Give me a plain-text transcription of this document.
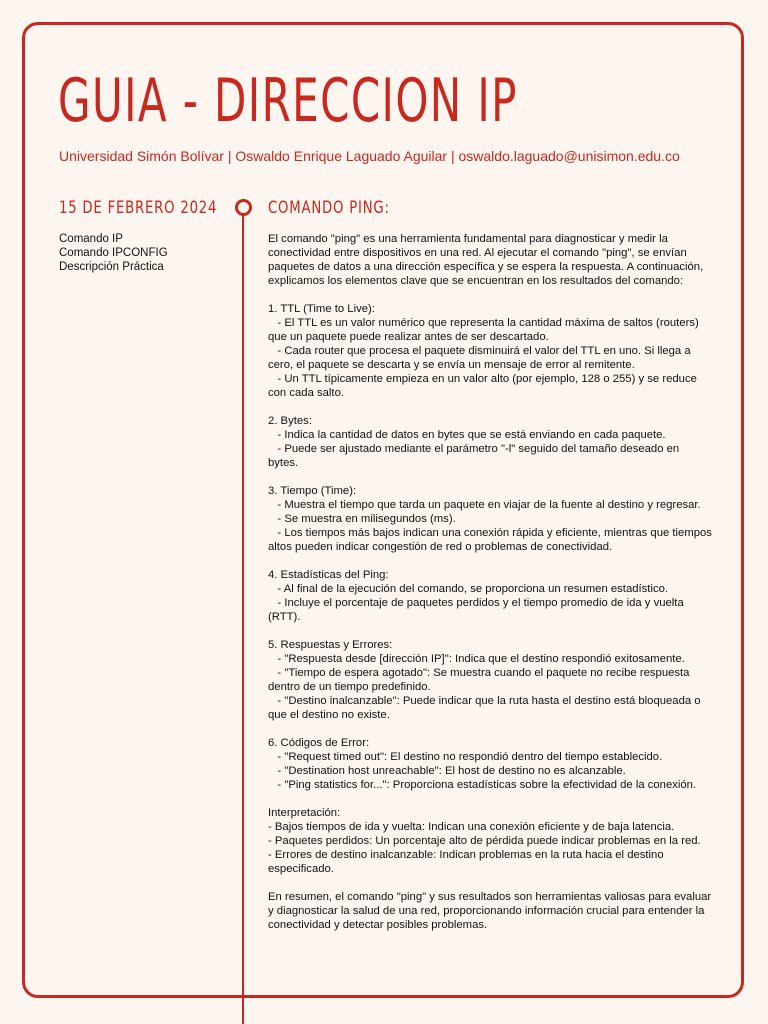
GUIA - DIRECCION IP
Universidad Simón Bolívar | Oswaldo Enrique Laguado Aguilar | oswaldo.laguado@unisimon.edu.co
15 DE FEBRERO 2024
Comando IP
Comando IPCONFIG
Descripción Práctica
COMANDO PING:
El comando "ping" es una herramienta fundamental para diagnosticar y medir la conectividad entre dispositivos en una red. Al ejecutar el comando "ping", se envían paquetes de datos a una dirección específica y se espera la respuesta. A continuación, explicamos los elementos clave que se encuentran en los resultados del comando:

1. TTL (Time to Live):
- El TTL es un valor numérico que representa la cantidad máxima de saltos (routers) que un paquete puede realizar antes de ser descartado.
- Cada router que procesa el paquete disminuirá el valor del TTL en uno. Si llega a cero, el paquete se descarta y se envía un mensaje de error al remitente.
- Un TTL típicamente empieza en un valor alto (por ejemplo, 128 o 255) y se reduce con cada salto.

2. Bytes:
- Indica la cantidad de datos en bytes que se está enviando en cada paquete.
- Puede ser ajustado mediante el parámetro "-l" seguido del tamaño deseado en bytes.

3. Tiempo (Time):
- Muestra el tiempo que tarda un paquete en viajar de la fuente al destino y regresar.
- Se muestra en milisegundos (ms).
- Los tiempos más bajos indican una conexión rápida y eficiente, mientras que tiempos altos pueden indicar congestión de red o problemas de conectividad.

4. Estadísticas del Ping:
- Al final de la ejecución del comando, se proporciona un resumen estadístico.
- Incluye el porcentaje de paquetes perdidos y el tiempo promedio de ida y vuelta (RTT).

5. Respuestas y Errores:
- "Respuesta desde [dirección IP]": Indica que el destino respondió exitosamente.
- "Tiempo de espera agotado": Se muestra cuando el paquete no recibe respuesta dentro de un tiempo predefinido.
- "Destino inalcanzable": Puede indicar que la ruta hasta el destino está bloqueada o que el destino no existe.

6. Códigos de Error:
- "Request timed out": El destino no respondió dentro del tiempo establecido.
- "Destination host unreachable": El host de destino no es alcanzable.
- "Ping statistics for...": Proporciona estadísticas sobre la efectividad de la conexión.

Interpretación:
- Bajos tiempos de ida y vuelta: Indican una conexión eficiente y de baja latencia.
- Paquetes perdidos: Un porcentaje alto de pérdida puede indicar problemas en la red.
- Errores de destino inalcanzable: Indican problemas en la ruta hacia el destino especificado.

En resumen, el comando "ping" y sus resultados son herramientas valiosas para evaluar y diagnosticar la salud de una red, proporcionando información crucial para entender la conectividad y detectar posibles problemas.
